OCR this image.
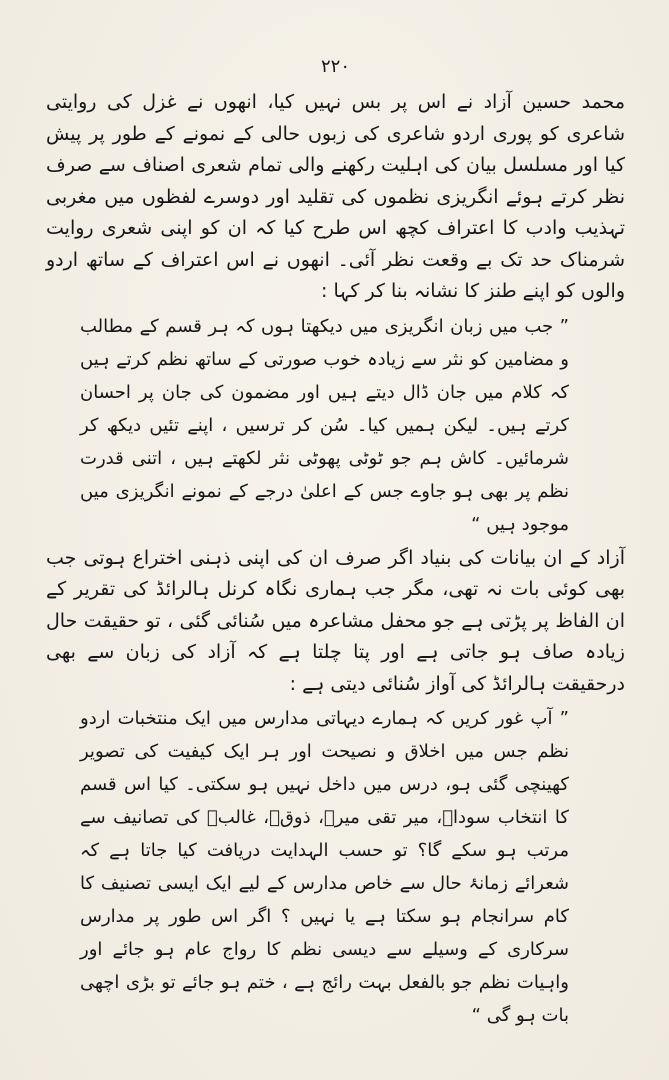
۲۲۰

محمد حسین آزاد نے اس پر بس نہیں کیا، انھوں نے غزل کی روایتی شاعری کو پوری اردو شاعری کی زبوں حالی کے نمونے کے طور پر پیش کیا اور مسلسل بیان کی اہلیت رکھنے والی تمام شعری اصناف سے صرف نظر کرتے ہوئے انگریزی نظموں کی تقلید اور دوسرے لفظوں میں مغربی تہذیب وادب کا اعتراف کچھ اس طرح کیا کہ ان کو اپنی شعری روایت شرمناک حد تک بے وقعت نظر آئی۔ انھوں نے اس اعتراف کے ساتھ اردو والوں کو اپنے طنز کا نشانہ بنا کر کہا :

” جب میں زبان انگریزی میں دیکھتا ہوں کہ ہر قسم کے مطالب و مضامین کو نثر سے زیادہ خوب صورتی کے ساتھ نظم کرتے ہیں کہ کلام میں جان ڈال دیتے ہیں اور مضمون کی جان پر احسان کرتے ہیں۔ لیکن ہمیں کیا۔ سُن کر ترسیں ، اپنے تئیں دیکھ کر شرمائیں۔ کاش ہم جو ٹوٹی پھوٹی نثر لکھتے ہیں ، اتنی قدرت نظم پر بھی ہو جاوے جس کے اعلیٰ درجے کے نمونے انگریزی میں موجود ہیں “

آزاد کے ان بیانات کی بنیاد اگر صرف ان کی اپنی ذہنی اختراع ہوتی جب بھی کوئی بات نہ تھی، مگر جب ہماری نگاہ کرنل ہالرائڈ کی تقریر کے ان الفاظ پر پڑتی ہے جو محفل مشاعرہ میں سُنائی گئی ، تو حقیقت حال زیادہ صاف ہو جاتی ہے اور پتا چلتا ہے کہ آزاد کی زبان سے بھی درحقیقت ہالرائڈ کی آواز سُنائی دیتی ہے :

” آپ غور کریں کہ ہمارے دیہاتی مدارس میں ایک منتخبات اردو نظم جس میں اخلاق و نصیحت اور ہر ایک کیفیت کی تصویر کھینچی گئی ہو، درس میں داخل نہیں ہو سکتی۔ کیا اس قسم کا انتخاب سوداؔ، میر تقی میرؔ، ذوقؔ، غالبؔ کی تصانیف سے مرتب ہو سکے گا؟ تو حسب الہدایت دریافت کیا جاتا ہے کہ شعرائے زمانۂ حال سے خاص مدارس کے لیے ایک ایسی تصنیف کا کام سرانجام ہو سکتا ہے یا نہیں ؟ اگر اس طور پر مدارس سرکاری کے وسیلے سے دیسی نظم کا رواج عام ہو جائے اور واہیات نظم جو بالفعل بہت رائج ہے ، ختم ہو جائے تو بڑی اچھی بات ہو گی “
